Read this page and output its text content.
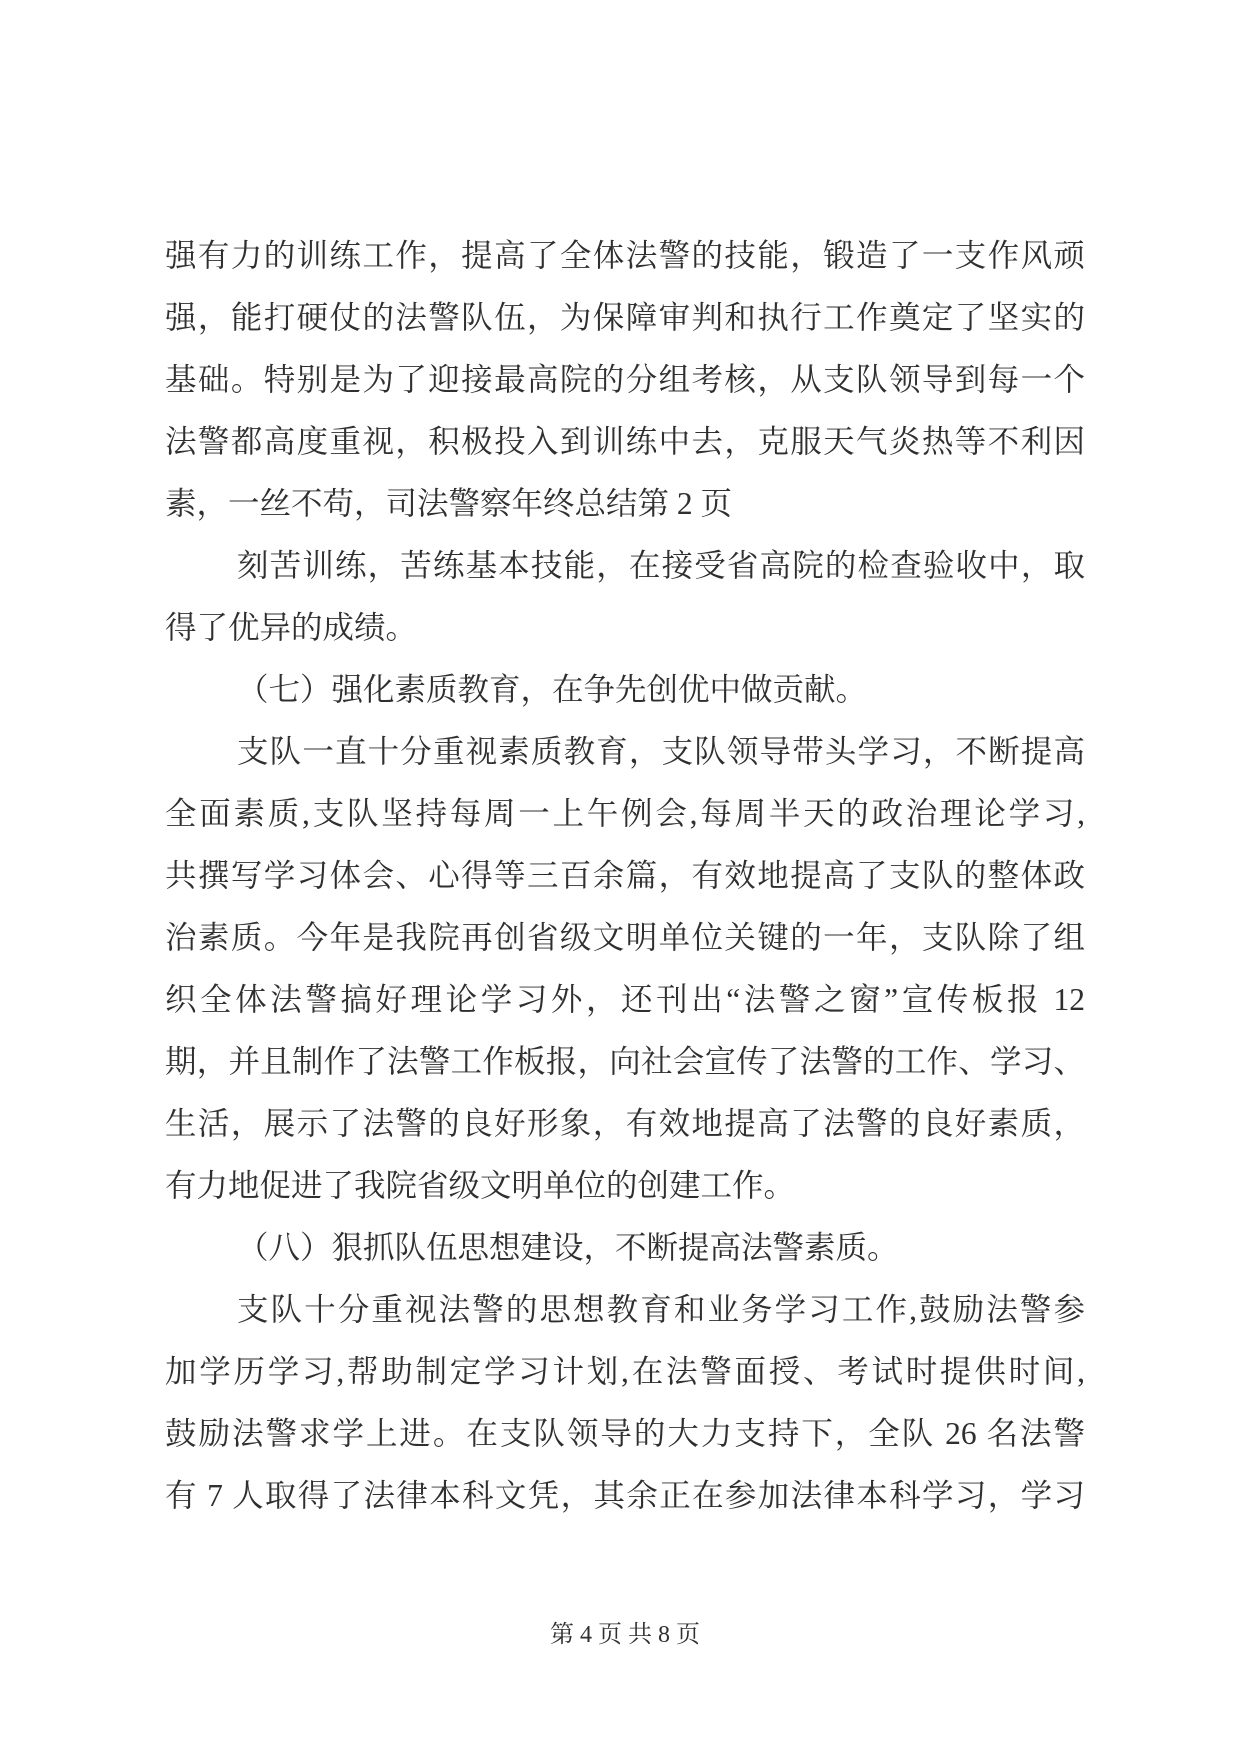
强有力的训练工作，提高了全体法警的技能，锻造了一支作风顽
强，能打硬仗的法警队伍，为保障审判和执行工作奠定了坚实的
基础。特别是为了迎接最高院的分组考核，从支队领导到每一个
法警都高度重视，积极投入到训练中去，克服天气炎热等不利因
素，一丝不苟，司法警察年终总结第 2 页
刻苦训练，苦练基本技能，在接受省高院的检查验收中，取
得了优异的成绩。
（七）强化素质教育，在争先创优中做贡献。
支队一直十分重视素质教育，支队领导带头学习，不断提高
全面素质,支队坚持每周一上午例会,每周半天的政治理论学习,
共撰写学习体会、心得等三百余篇，有效地提高了支队的整体政
治素质。今年是我院再创省级文明单位关键的一年，支队除了组
织全体法警搞好理论学习外，还刊出“法警之窗”宣传板报 12
期，并且制作了法警工作板报，向社会宣传了法警的工作、学习、
生活，展示了法警的良好形象，有效地提高了法警的良好素质，
有力地促进了我院省级文明单位的创建工作。
（八）狠抓队伍思想建设，不断提高法警素质。
支队十分重视法警的思想教育和业务学习工作,鼓励法警参
加学历学习,帮助制定学习计划,在法警面授、考试时提供时间,
鼓励法警求学上进。在支队领导的大力支持下，全队 26 名法警
有 7 人取得了法律本科文凭，其余正在参加法律本科学习，学习
第 4 页 共 8 页
